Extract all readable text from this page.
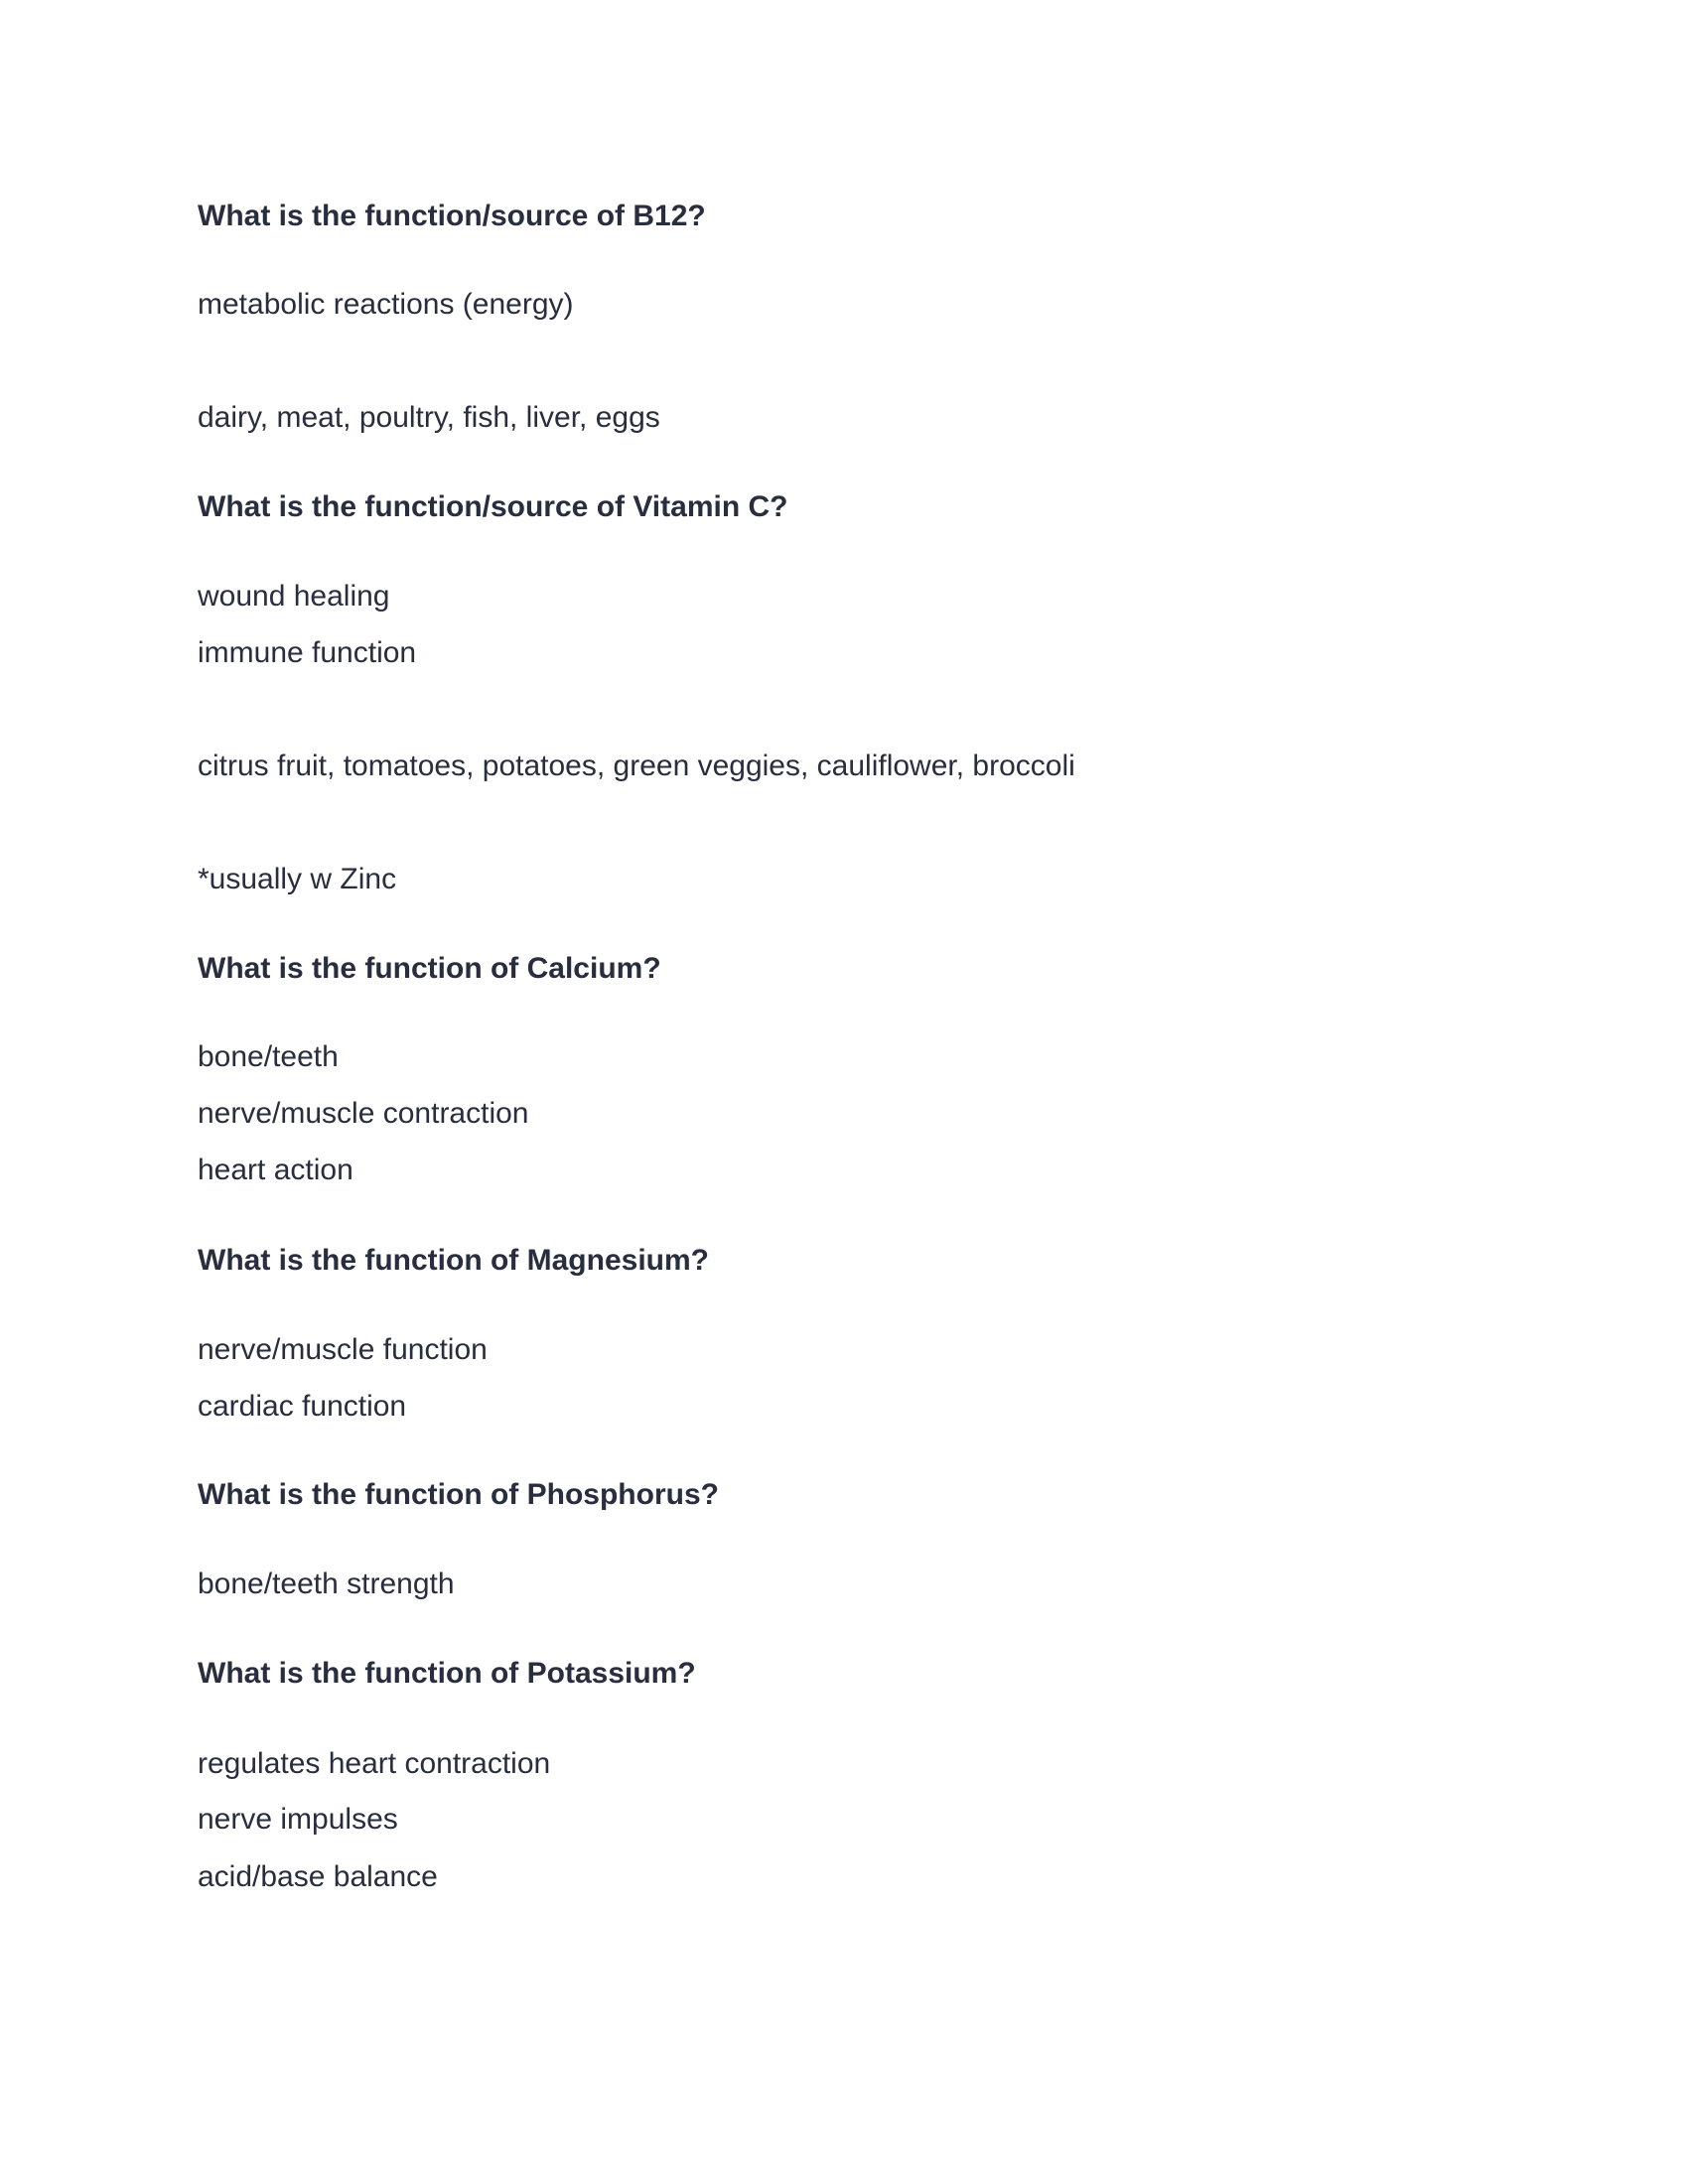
What is the function/source of B12?
metabolic reactions (energy)
dairy, meat, poultry, fish, liver, eggs
What is the function/source of Vitamin C?
wound healing
immune function
citrus fruit, tomatoes, potatoes, green veggies, cauliflower, broccoli
*usually w Zinc
What is the function of Calcium?
bone/teeth
nerve/muscle contraction
heart action
What is the function of Magnesium?
nerve/muscle function
cardiac function
What is the function of Phosphorus?
bone/teeth strength
What is the function of Potassium?
regulates heart contraction
nerve impulses
acid/base balance
